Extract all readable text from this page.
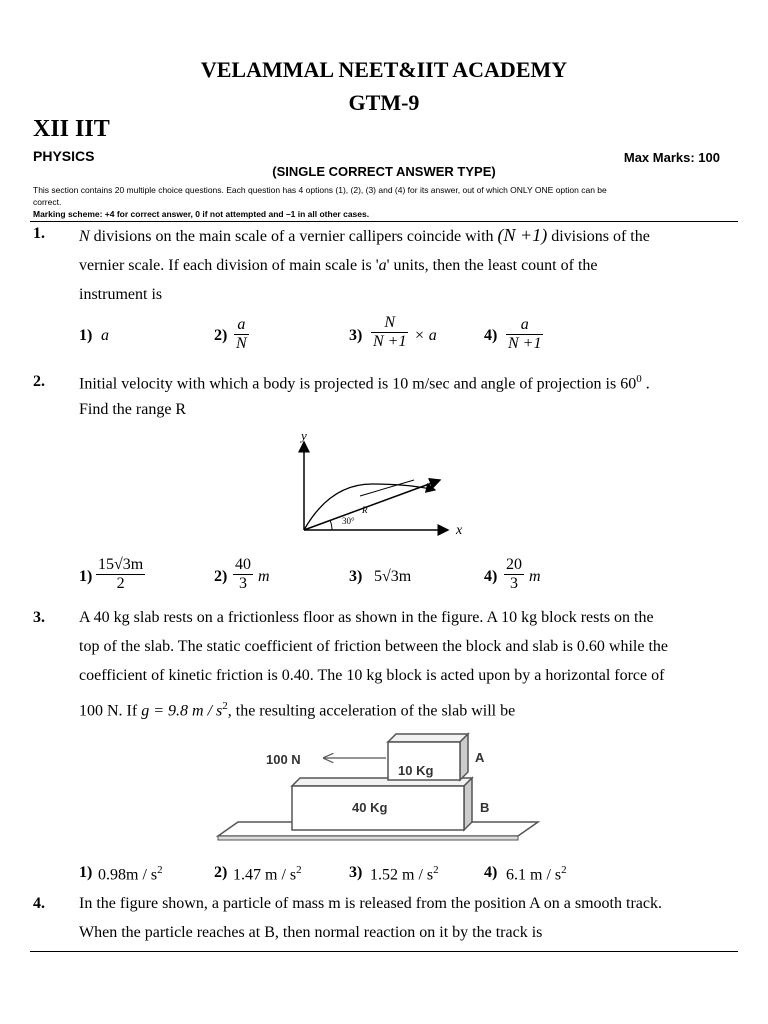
VELAMMAL NEET&IIT ACADEMY
GTM-9
XII IIT
PHYSICS	Max Marks: 100
(SINGLE CORRECT ANSWER TYPE)
This section contains 20 multiple choice questions. Each question has 4 options (1), (2), (3) and (4) for its answer, out of which ONLY ONE option can be
correct.
Marking scheme: +4 for correct answer, 0 if not attempted and –1 in all other cases.
1. N divisions on the main scale of a vernier callipers coincide with (N +1) divisions of the
vernier scale. If each division of main scale is 'a' units, then the least count of the
instrument is
1) a	$2) \frac{a}{N}$	$3) \frac{N}{N +1} \times a$	$4) \frac{a}{N +1}$
2. Initial velocity with which a body is projected is 10 m/sec and angle of projection is $60^0$ .
Find the range R
y
x
R
30°
$1) \frac{15√3m}{2}$	$2) \frac{40}{3}$ m	3) 5√3m	$4) \frac{20}{3}$ m
3. A 40 kg slab rests on a frictionless floor as shown in the figure. A 10 kg block rests on the
top of the slab. The static coefficient of friction between the block and slab is 0.60 while the
coefficient of kinetic friction is 0.40. The 10 kg block is acted upon by a horizontal force of
100 N. If g = 9.8 m / $s^2$, the resulting acceleration of the slab will be
100 N
10 Kg
40 Kg
A
B
1) $0.98m / s^2$	2) 1.47 m / $s^2$	3) 1.52 m / $s^2$	4) 6.1 m / $s^2$
4. In the figure shown, a particle of mass m is released from the position A on a smooth track.
When the particle reaches at B, then normal reaction on it by the track is
